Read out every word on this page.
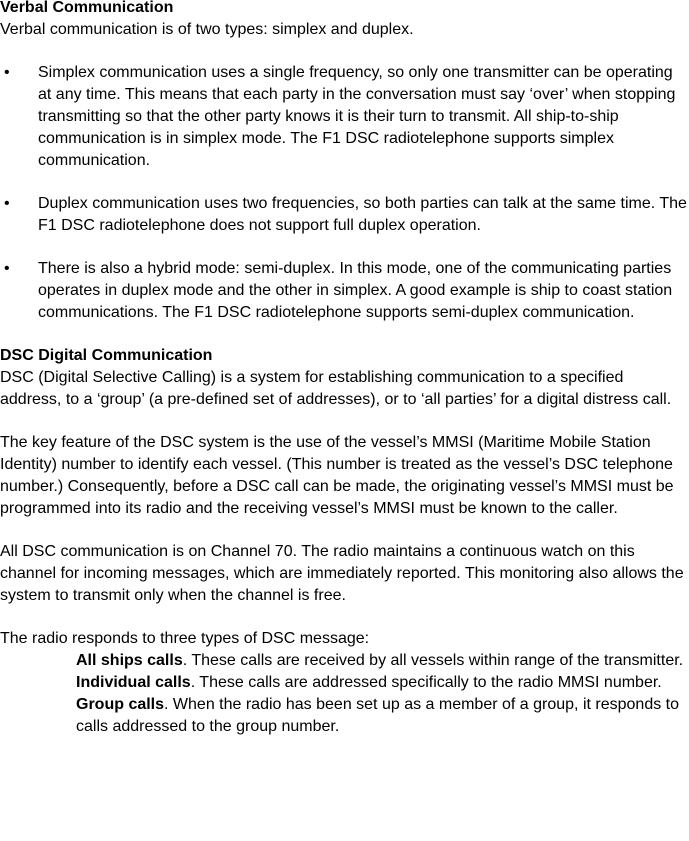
Verbal Communication
Verbal communication is of two types: simplex and duplex.
•	Simplex communication uses a single frequency, so only one transmitter can be operating at any time. This means that each party in the conversation must say ‘over’ when stopping transmitting so that the other party knows it is their turn to transmit. All ship-to-ship communication is in simplex mode. The F1 DSC radiotelephone supports simplex communication.
•	Duplex communication uses two frequencies, so both parties can talk at the same time. The F1 DSC radiotelephone does not support full duplex operation.
•	There is also a hybrid mode: semi-duplex. In this mode, one of the communicating parties operates in duplex mode and the other in simplex. A good example is ship to coast station communications. The F1 DSC radiotelephone supports semi-duplex communication.
DSC Digital Communication
DSC (Digital Selective Calling) is a system for establishing communication to a specified address, to a ‘group’ (a pre-defined set of addresses), or to ‘all parties’ for a digital distress call.
The key feature of the DSC system is the use of the vessel’s MMSI (Maritime Mobile Station Identity) number to identify each vessel. (This number is treated as the vessel’s DSC telephone number.) Consequently, before a DSC call can be made, the originating vessel’s MMSI must be programmed into its radio and the receiving vessel’s MMSI must be known to the caller.
All DSC communication is on Channel 70. The radio maintains a continuous watch on this channel for incoming messages, which are immediately reported. This monitoring also allows the system to transmit only when the channel is free.
The radio responds to three types of DSC message:
All ships calls. These calls are received by all vessels within range of the transmitter.
Individual calls. These calls are addressed specifically to the radio MMSI number.
Group calls. When the radio has been set up as a member of a group, it responds to calls addressed to the group number.
